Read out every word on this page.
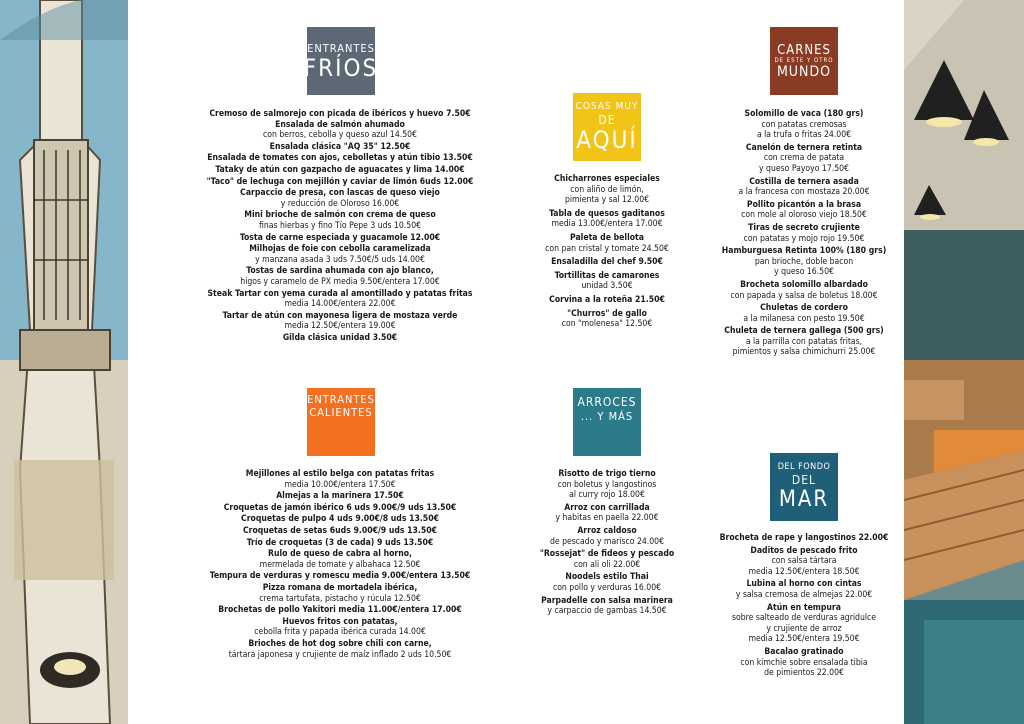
ENTRANTES
FRÍOS
Cremoso de salmorejo con picada de ibéricos y huevo 7.50€
Ensalada de salmón ahumado
con berros, cebolla y queso azul 14.50€
Ensalada clásica "AQ 35" 12.50€
Ensalada de tomates con ajos, cebolletas y atún tibio 13.50€
Tataky de atún con gazpacho de aguacates y lima 14.00€
"Taco" de lechuga con mejillón y caviar de limón 6uds 12.00€
Carpaccio de presa, con lascas de queso viejo
y reducción de Oloroso 16.00€
Mini brioche de salmón con crema de queso
finas hierbas y fino Tío Pepe 3 uds 10.50€
Tosta de carne especiada y guacamole 12.00€
Milhojas de foie con cebolla caramelizada
y manzana asada 3 uds 7.50€/5 uds 14.00€
Tostas de sardina ahumada con ajo blanco,
higos y caramelo de PX media 9.50€/entera 17.00€
Steak Tartar con yema curada al amontillado y patatas fritas
media 14.00€/entera 22.00€
Tartar de atún con mayonesa ligera de mostaza verde
media 12.50€/entera 19.00€
Gilda clásica unidad 3.50€
ENTRANTES
CALIENTES
Mejillones al estilo belga con patatas fritas
media 10.00€/entera 17.50€
Almejas a la marinera 17.50€
Croquetas de jamón ibérico 6 uds 9.00€/9 uds 13.50€
Croquetas de pulpo 4 uds 9.00€/8 uds 13.50€
Croquetas de setas 6uds 9.00€/9 uds 13.50€
Trío de croquetas (3 de cada) 9 uds 13.50€
Rulo de queso de cabra al horno,
mermelada de tomate y albahaca 12.50€
Tempura de verduras y romescu media 9.00€/entera 13.50€
Pizza romana de mortadela ibérica,
crema tartufata, pistacho y rúcula 12.50€
Brochetas de pollo Yakitori media 11.00€/entera 17.00€
Huevos fritos con patatas,
cebolla frita y papada ibérica curada 14.00€
Brioches de hot dog sobre chili con carne,
tártara japonesa y crujiente de maíz inflado 2 uds 10.50€
COSAS MUY
DE
AQUÍ
Chicharrones especiales
con aliño de limón,
pimienta y sal 12.00€
Tabla de quesos gaditanos
media 13.00€/entera 17.00€
Paleta de bellota
con pan cristal y tomate 24.50€
Ensaladilla del chef 9.50€
Tortillitas de camarones
unidad 3.50€
Corvina a la roteña 21.50€
"Churros" de gallo
con "molenesa" 12.50€
ARROCES
... Y MÁS
Risotto de trigo tierno
con boletus y langostinos
al curry rojo 18.00€
Arroz con carrillada
y habitas en paella 22.00€
Arroz caldoso
de pescado y marisco 24.00€
"Rossejat" de fideos y pescado
con ali oli 22.00€
Noodels estilo Thai
con pollo y verduras 16.00€
Parpadelle con salsa marinera
y carpaccio de gambas 14.50€
CARNES
DE ESTE Y OTRO
MUNDO
Solomillo de vaca (180 grs)
con patatas cremosas
a la trufa o fritas 24.00€
Canelón de ternera retinta
con crema de patata
y queso Payoyo 17.50€
Costilla de ternera asada
a la francesa con mostaza 20.00€
Pollito picantón a la brasa
con mole al oloroso viejo 18.50€
Tiras de secreto crujiente
con patatas y mojo rojo 19.50€
Hamburguesa Retinta 100% (180 grs)
pan brioche, doble bacon
y queso 16.50€
Brocheta solomillo albardado
con papada y salsa de boletus 18.00€
Chuletas de cordero
a la milanesa con pesto 19.50€
Chuleta de ternera gallega (500 grs)
a la parrilla con patatas fritas,
pimientos y salsa chimichurri 25.00€
DEL FONDO
DEL
MAR
Brocheta de rape y langostinos 22.00€
Daditos de pescado frito
con salsa tártara
media 12.50€/entera 18.50€
Lubina al horno con cintas
y salsa cremosa de almejas 22.00€
Atún en tempura
sobre salteado de verduras agridulce
y crujiente de arroz
media 12.50€/entera 19.50€
Bacalao gratinado
con kimchie sobre ensalada tibia
de pimientos 22.00€
